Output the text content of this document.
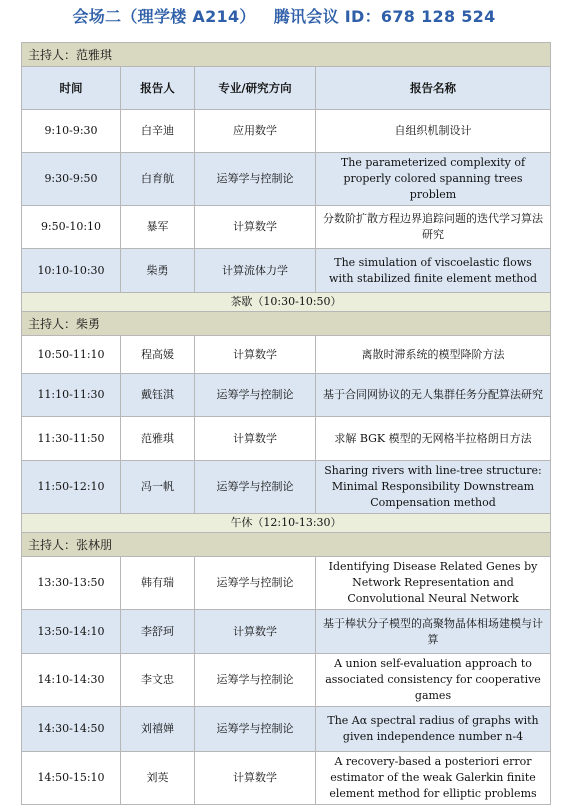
会场二（理学楼 A214） 腾讯会议 ID：678 128 524
主持人：范雅琪			
时间	报告人	专业/研究方向	报告名称
9:10-9:30	白辛迪	应用数学	自组织机制设计
9:30-9:50	白育航	运筹学与控制论	The parameterized complexity of properly colored spanning trees problem
9:50-10:10	暴军	计算数学	分数阶扩散方程边界追踪问题的迭代学习算法研究
10:10-10:30	柴勇	计算流体力学	The simulation of viscoelastic flows with stabilized finite element method
茶歇（10:30-10:50）			
主持人：柴勇			
10:50-11:10	程高媛	计算数学	离散时滞系统的模型降阶方法
11:10-11:30	戴钰淇	运筹学与控制论	基于合同网协议的无人集群任务分配算法研究
11:30-11:50	范雅琪	计算数学	求解 BGK 模型的无网格半拉格朗日方法
11:50-12:10	冯一帆	运筹学与控制论	Sharing rivers with line-tree structure: Minimal Responsibility Downstream Compensation method
午休（12:10-13:30）			
主持人：张林朋			
13:30-13:50	韩有瑞	运筹学与控制论	Identifying Disease Related Genes by Network Representation and Convolutional Neural Network
13:50-14:10	李舒珂	计算数学	基于棒状分子模型的高聚物晶体相场建模与计算
14:10-14:30	李文忠	运筹学与控制论	A union self-evaluation approach to associated consistency for cooperative games
14:30-14:50	刘禧婵	运筹学与控制论	The Aα spectral radius of graphs with given independence number n-4
14:50-15:10	刘英	计算数学	A recovery-based a posteriori error estimator of the weak Galerkin finite element method for elliptic problems
